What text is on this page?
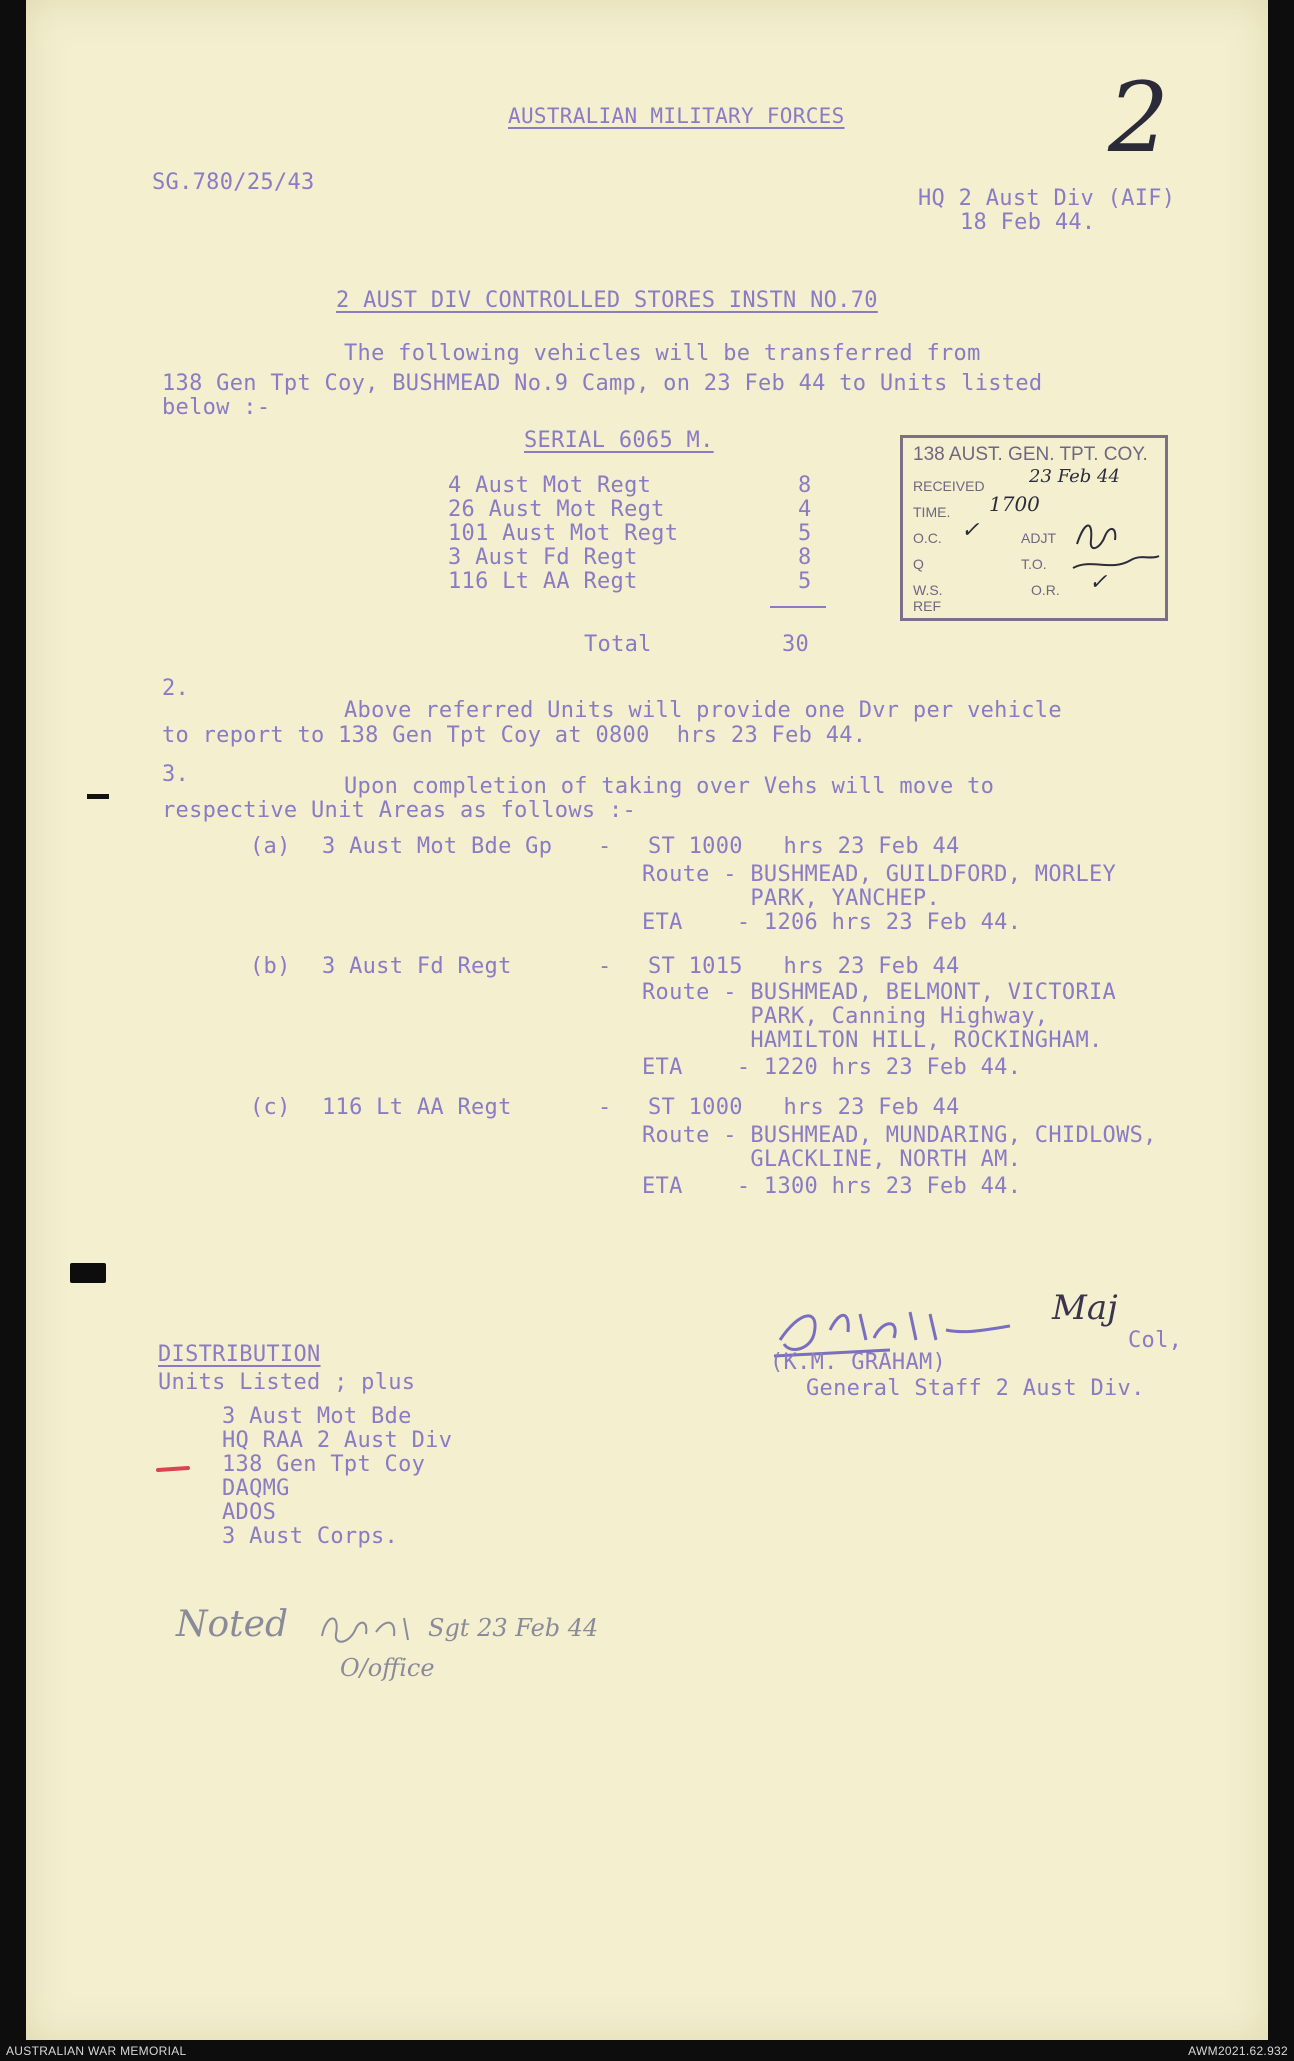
AUSTRALIAN MILITARY FORCES
SG.780/25/43
HQ 2 Aust Div (AIF)
18 Feb 44.
2
2 AUST DIV CONTROLLED STORES INSTN NO.70
The following vehicles will be transferred from
138 Gen Tpt Coy, BUSHMEAD No.9 Camp, on 23 Feb 44 to Units listed
below :-
SERIAL 6065 M.
4 Aust Mot Regt	8
26 Aust Mot Regt	4
101 Aust Mot Regt	5
3 Aust Fd Regt	8
116 Lt AA Regt	5
Total	30
138 AUST. GEN. TPT. COY.
RECEIVED 23 Feb 44
TIME. 1700
O.C. ✓	ADJT
Q	T.O.
W.S.	O.R. ✓
REF
2.
Above referred Units will provide one Dvr per vehicle
to report to 138 Gen Tpt Coy at 0800  hrs 23 Feb 44.
3.	Upon completion of taking over Vehs will move to
respective Unit Areas as follows :-
(a) 3 Aust Mot Bde Gp - ST 1000   hrs 23 Feb 44
Route - BUSHMEAD, GUILDFORD, MORLEY
PARK, YANCHEP.
ETA    - 1206 hrs 23 Feb 44.
(b) 3 Aust Fd Regt	- ST 1015   hrs 23 Feb 44
Route - BUSHMEAD, BELMONT, VICTORIA
PARK, Canning Highway,
HAMILTON HILL, ROCKINGHAM.
ETA    - 1220 hrs 23 Feb 44.
(c) 116 Lt AA Regt	- ST 1000   hrs 23 Feb 44
Route - BUSHMEAD, MUNDARING, CHIDLOWS,
GLACKLINE, NORTH AM.
ETA    - 1300 hrs 23 Feb 44.
Maj
Col,
(K.M. GRAHAM)
General Staff 2 Aust Div.
DISTRIBUTION
Units Listed ; plus
3 Aust Mot Bde
HQ RAA 2 Aust Div
138 Gen Tpt Coy
DAQMG
ADOS
3 Aust Corps.
Noted	Sgt 23 Feb 44
O/office
AUSTRALIAN WAR MEMORIAL	AWM2021.62.932
